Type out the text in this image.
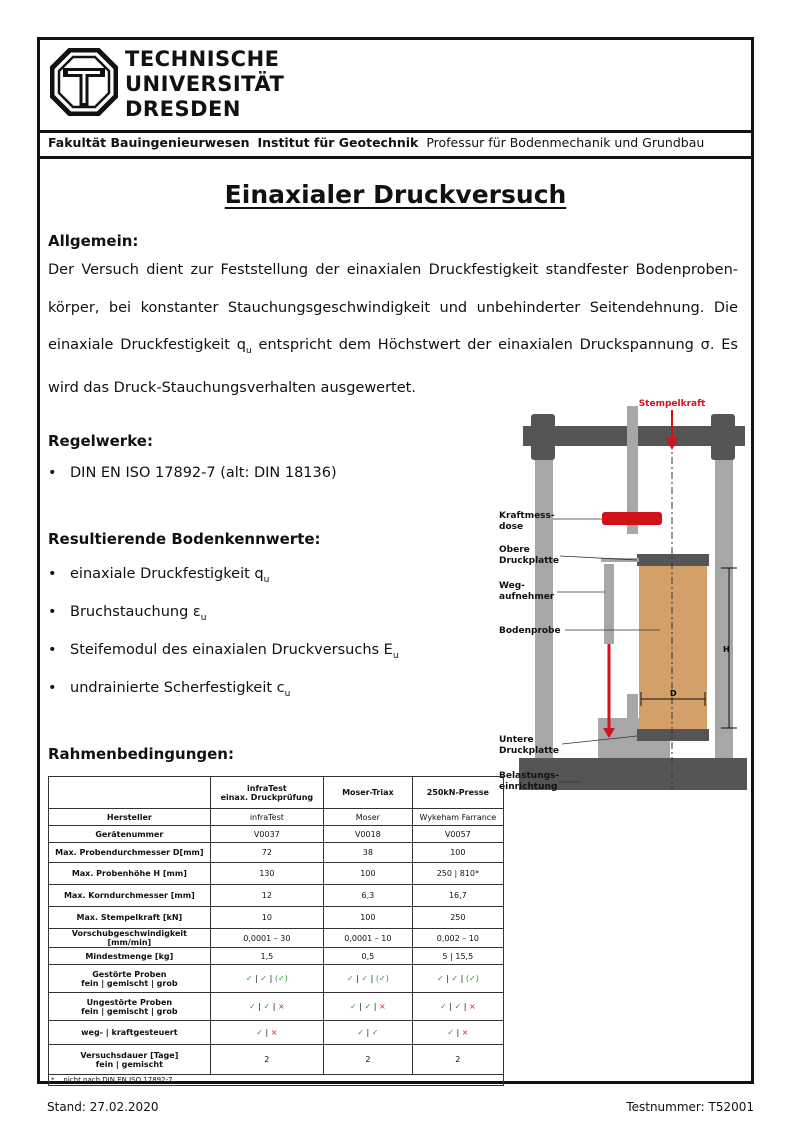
TECHNISCHE
UNIVERSITÄT
DRESDEN
Fakultät Bauingenieurwesen Institut für Geotechnik Professur für Bodenmechanik und Grundbau
Einaxialer Druckversuch
Allgemein:
Der Versuch dient zur Feststellung der einaxialen Druckfestigkeit standfester Bodenproben-körper, bei konstanter Stauchungsgeschwindigkeit und unbehinderter Seitendehnung. Die einaxiale Druckfestigkeit $q_u$ entspricht dem Höchstwert der einaxialen Druckspannung σ. Es wird das Druck-Stauchungsverhalten ausgewertet.
Regelwerke:
• DIN EN ISO 17892-7 (alt: DIN 18136)
Resultierende Bodenkennwerte:
• einaxiale Druckfestigkeit $q_u$
• Bruchstauchung $\varepsilon_u$
• Steifemodul des einaxialen Druckversuchs $E_u$
• undrainierte Scherfestigkeit $c_u$
Rahmenbedingungen:
Stempelkraft
H
D
Kraftmess-
dose
Obere
Druckplatte
Weg-
aufnehmer
Bodenprobe
Untere
Druckplatte
Belastungs-
einrichtung
	infraTest
einax. Druckprüfung	Moser-Triax	250kN-Presse
Hersteller	infraTest	Moser	Wykeham Farrance
Gerätenummer	V0037	V0018	V0057
Max. Probendurchmesser D[mm]	72	38	100
Max. Probenhöhe H [mm]	130	100	250 | 810*
Max. Korndurchmesser [mm]	12	6,3	16,7
Max. Stempelkraft [kN]	10	100	250
Vorschubgeschwindigkeit [mm/min]	0,0001 – 30	0,0001 – 10	0,002 – 10
Mindestmenge [kg]	1,5	0,5	5 | 15,5
Gestörte Proben
fein | gemischt | grob	✓ | ✓ | (✓)	✓ | ✓ | (✓)	✓ | ✓ | (✓)
Ungestörte Proben
fein | gemischt | grob	✓ | ✓ | ×	✓ | ✓ | ×	✓ | ✓ | ×
weg- | kraftgesteuert	✓ | ×	✓ | ✓	✓ | ×
Versuchsdauer [Tage]
fein | gemischt	2	2	2
*... nicht nach DIN EN ISO 17892-7			
Stand: 27.02.2020	Testnummer: T52001
